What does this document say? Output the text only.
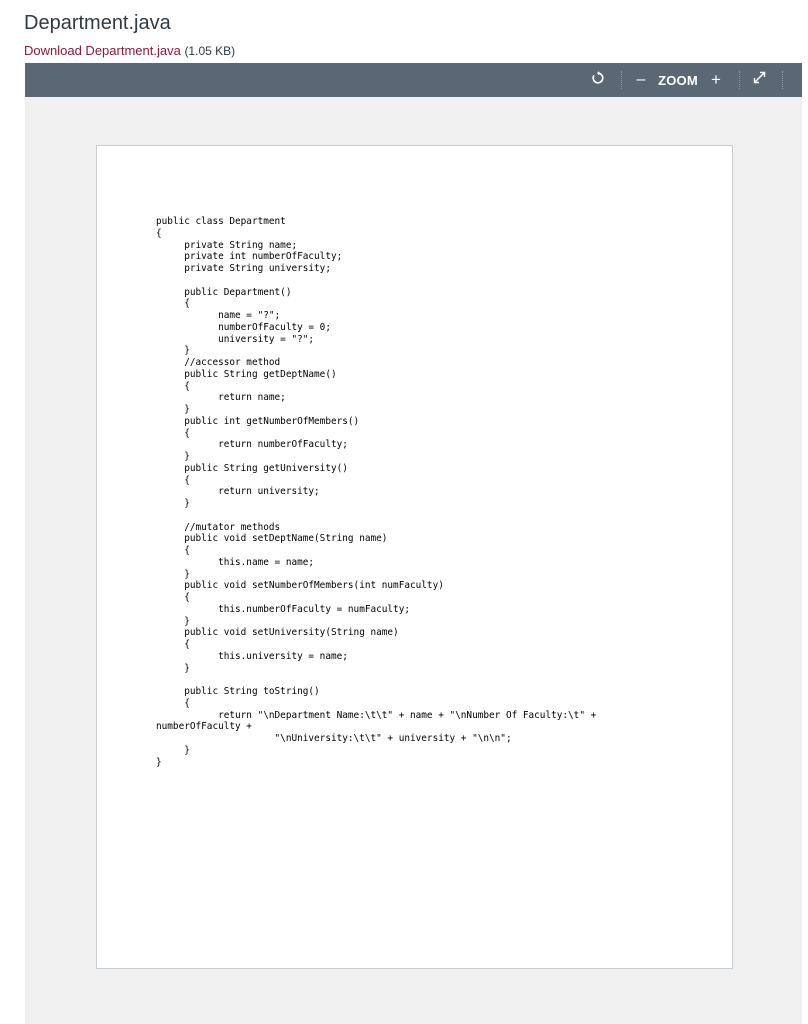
Department.java
Download Department.java (1.05 KB)
– ZOOM +
public class Department
{
private String name;
private int numberOfFaculty;
private String university;

public Department()
{
name = "?";
numberOfFaculty = 0;
university = "?";
}
//accessor method
public String getDeptName()
{
return name;
}
public int getNumberOfMembers()
{
return numberOfFaculty;
}
public String getUniversity()
{
return university;
}

//mutator methods
public void setDeptName(String name)
{
this.name = name;
}
public void setNumberOfMembers(int numFaculty)
{
this.numberOfFaculty = numFaculty;
}
public void setUniversity(String name)
{
this.university = name;
}

public String toString()
{
return "\nDepartment Name:\t\t" + name + "\nNumber Of Faculty:\t" +
numberOfFaculty +
"\nUniversity:\t\t" + university + "\n\n";
}
}
